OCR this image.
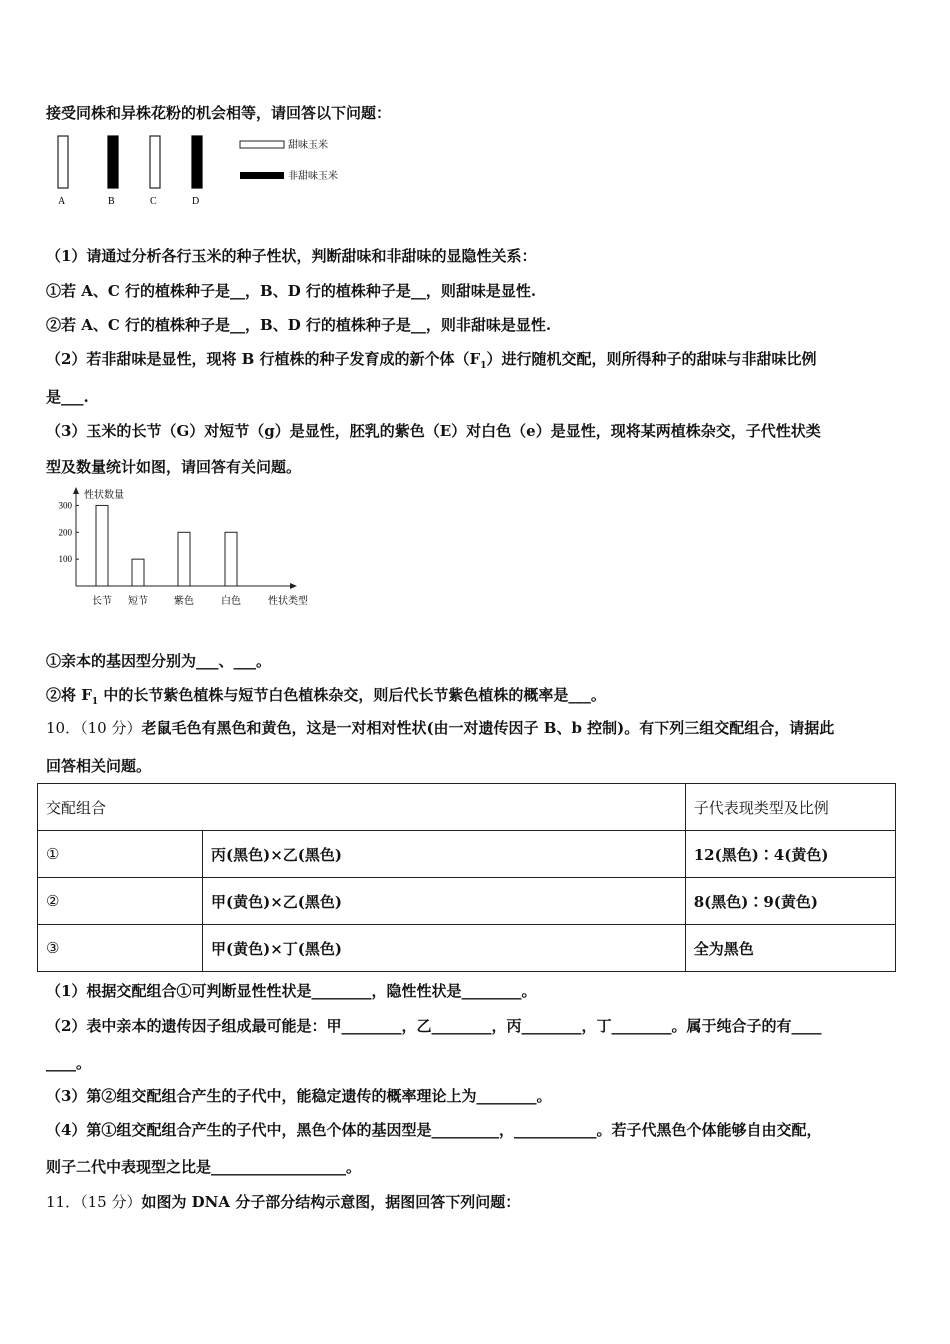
接受同株和异株花粉的机会相等，请回答以下问题：
A	B	C	D
甜味玉米
非甜味玉米
（1）请通过分析各行玉米的种子性状，判断甜味和非甜味的显隐性关系：
①若 A、C 行的植株种子是__，B、D 行的植株种子是__，则甜味是显性.
②若 A、C 行的植株种子是__，B、D 行的植株种子是__，则非甜味是显性.
（2）若非甜味是显性，现将 B 行植株的种子发育成的新个体$(F_1)$进行随机交配，则所得种子的甜味与非甜味比例
是___.
（3）玉米的长节（G）对短节（g）是显性，胚乳的紫色（E）对白色（e）是显性，现将某两植株杂交，子代性状类
型及数量统计如图，请回答有关问题。
性状数量
性状类型
300
200
100
长节 短节	紫色	白色
①亲本的基因型分别为___、___。
②将 $F_1$ 中的长节紫色植株与短节白色植株杂交，则后代长节紫色植株的概率是___。
10．（10 分）老鼠毛色有黑色和黄色，这是一对相对性状(由一对遗传因子 B、b 控制)。有下列三组交配组合，请据此
回答相关问题。
交配组合		子代表现类型及比例
①	丙(黑色)×乙(黑色)	12(黑色)∶4(黄色)
②	甲(黄色)×乙(黑色)	8(黑色)∶9(黄色)
③	甲(黄色)×丁(黑色)	全为黑色
（1）根据交配组合①可判断显性性状是________，隐性性状是________。
（2）表中亲本的遗传因子组成最可能是：甲________，乙________，丙________，丁________。属于纯合子的有____
____。
（3）第②组交配组合产生的子代中，能稳定遗传的概率理论上为________。
（4）第①组交配组合产生的子代中，黑色个体的基因型是_________，___________。若子代黑色个体能够自由交配，
则子二代中表现型之比是__________________。
11．（15 分）如图为 DNA 分子部分结构示意图，据图回答下列问题：
